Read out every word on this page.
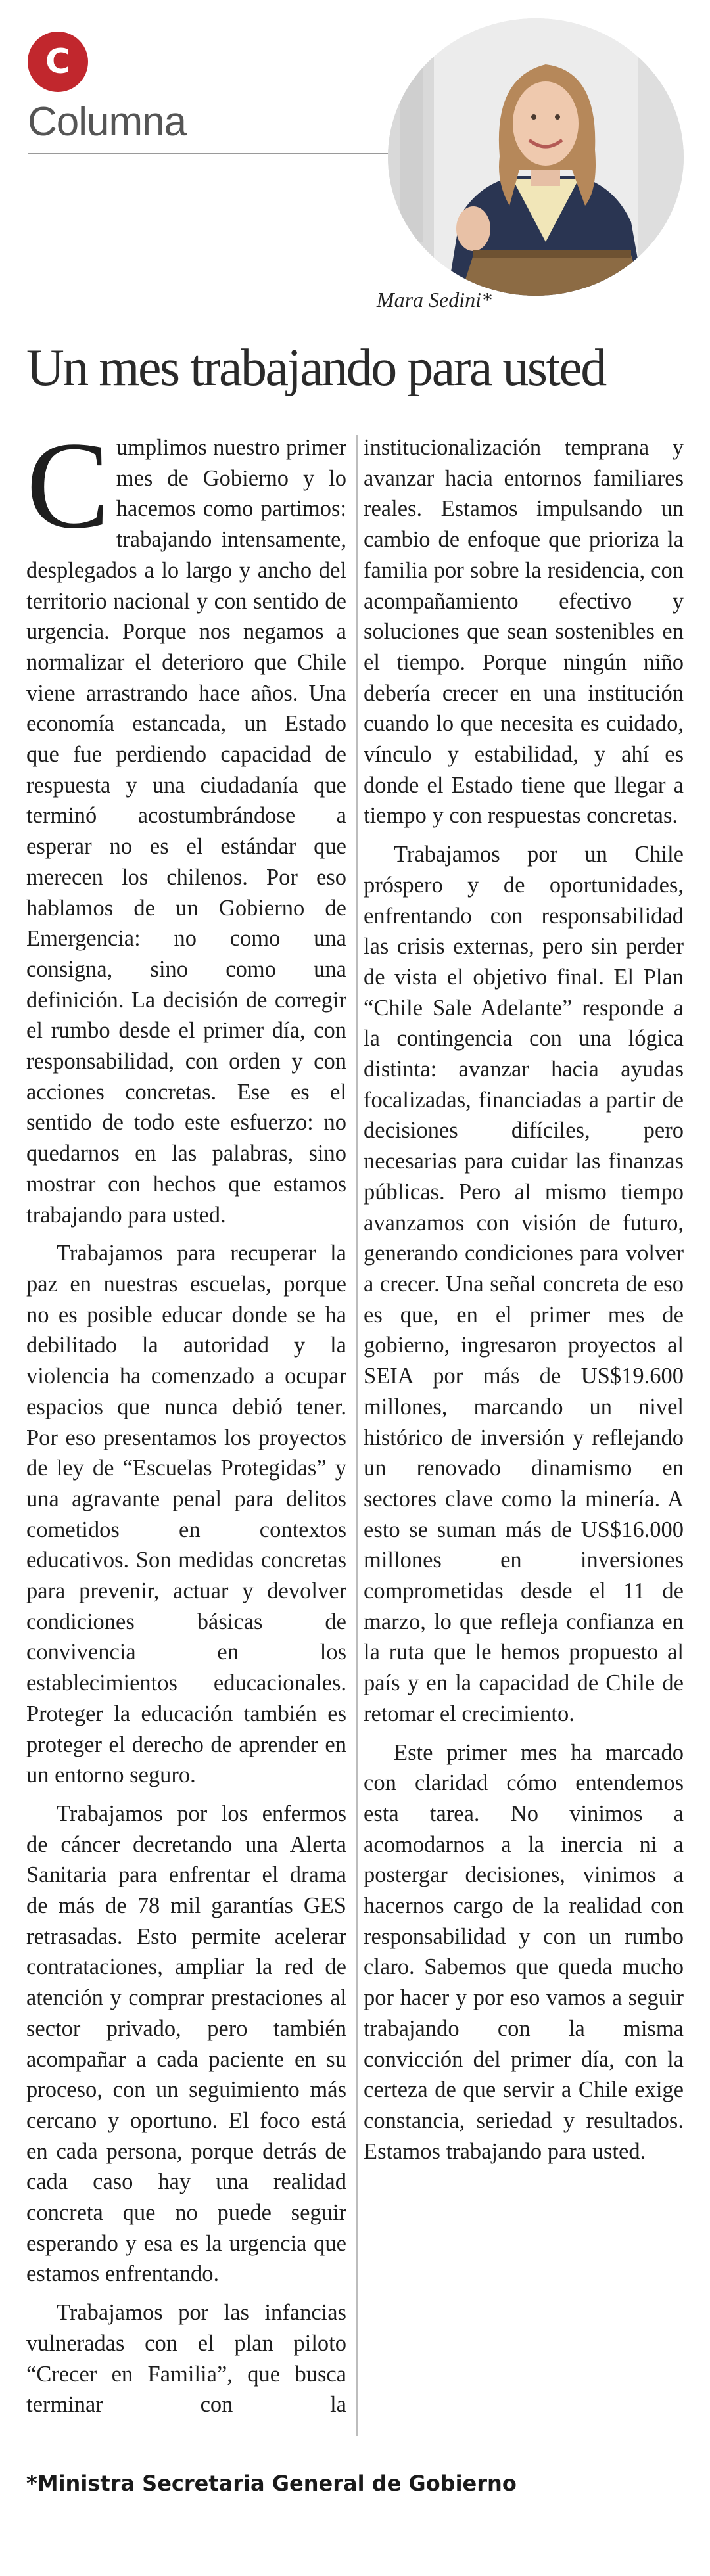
C
Columna
Mara Sedini*
Un mes trabajando para usted

Cumplimos nuestro primer mes de Gobierno y lo hacemos como partimos: trabajando intensamente, desplegados a lo largo y ancho del territorio nacional y con sentido de urgencia. Porque nos negamos a normalizar el deterioro que Chile viene arrastrando hace años. Una economía estancada, un Estado que fue perdiendo capacidad de respuesta y una ciudadanía que terminó acostumbrándose a esperar no es el estándar que merecen los chilenos. Por eso hablamos de un Gobierno de Emergencia: no como una consigna, sino como una definición. La decisión de corregir el rumbo desde el primer día, con responsabilidad, con orden y con acciones concretas. Ese es el sentido de todo este esfuerzo: no quedarnos en las palabras, sino mostrar con hechos que estamos trabajando para usted.

Trabajamos para recuperar la paz en nuestras escuelas, porque no es posible educar donde se ha debilitado la autoridad y la violencia ha comenzado a ocupar espacios que nunca debió tener. Por eso presentamos los proyectos de ley de “Escuelas Protegidas” y una agravante penal para delitos cometidos en contextos educativos. Son medidas concretas para prevenir, actuar y devolver condiciones básicas de convivencia en los establecimientos educacionales. Proteger la educación también es proteger el derecho de aprender en un entorno seguro.

Trabajamos por los enfermos de cáncer decretando una Alerta Sanitaria para enfrentar el drama de más de 78 mil garantías GES retrasadas. Esto permite acelerar contrataciones, ampliar la red de atención y comprar prestaciones al sector privado, pero también acompañar a cada paciente en su proceso, con un seguimiento más cercano y oportuno. El foco está en cada persona, porque detrás de cada caso hay una realidad concreta que no puede seguir esperando y esa es la urgencia que estamos enfrentando.

Trabajamos por las infancias vulneradas con el plan piloto “Crecer en Familia”, que busca terminar con la institucionalización temprana y avanzar hacia entornos familiares reales. Estamos impulsando un cambio de enfoque que prioriza la familia por sobre la residencia, con acompañamiento efectivo y soluciones que sean sostenibles en el tiempo. Porque ningún niño debería crecer en una institución cuando lo que necesita es cuidado, vínculo y estabilidad, y ahí es donde el Estado tiene que llegar a tiempo y con respuestas concretas.

Trabajamos por un Chile próspero y de oportunidades, enfrentando con responsabilidad las crisis externas, pero sin perder de vista el objetivo final. El Plan “Chile Sale Adelante” responde a la contingencia con una lógica distinta: avanzar hacia ayudas focalizadas, financiadas a partir de decisiones difíciles, pero necesarias para cuidar las finanzas públicas. Pero al mismo tiempo avanzamos con visión de futuro, generando condiciones para volver a crecer. Una señal concreta de eso es que, en el primer mes de gobierno, ingresaron proyectos al SEIA por más de US$19.600 millones, marcando un nivel histórico de inversión y reflejando un renovado dinamismo en sectores clave como la minería. A esto se suman más de US$16.000 millones en inversiones comprometidas desde el 11 de marzo, lo que refleja confianza en la ruta que le hemos propuesto al país y en la capacidad de Chile de retomar el crecimiento.

Este primer mes ha marcado con claridad cómo entendemos esta tarea. No vinimos a acomodarnos a la inercia ni a postergar decisiones, vinimos a hacernos cargo de la realidad con responsabilidad y con un rumbo claro. Sabemos que queda mucho por hacer y por eso vamos a seguir trabajando con la misma convicción del primer día, con la certeza de que servir a Chile exige constancia, seriedad y resultados. Estamos trabajando para usted.

*Ministra Secretaria General de Gobierno
